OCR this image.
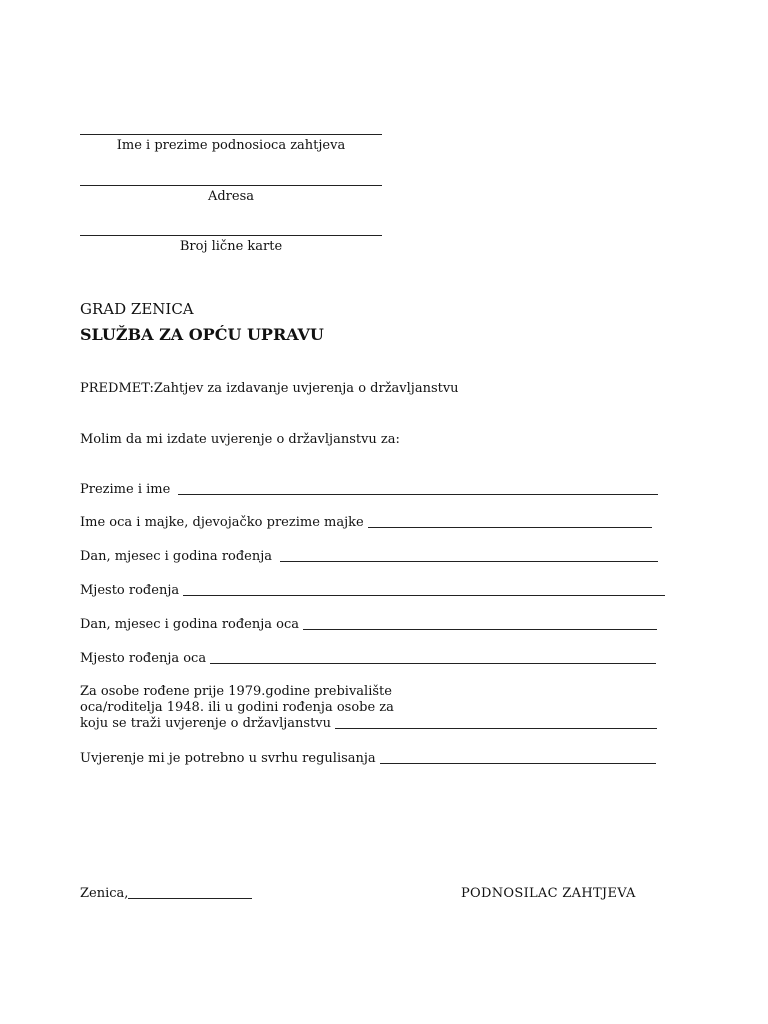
Ime i prezime podnosioca zahtjeva
Adresa
Broj lične karte
GRAD ZENICA
SLUŽBA ZA OPĆU UPRAVU
PREDMET:Zahtjev za izdavanje uvjerenja o državljanstvu
Molim da mi izdate uvjerenje o državljanstvu za:
Prezime i ime
Ime oca i majke, djevojačko prezime majke
Dan, mjesec i godina rođenja
Mjesto rođenja
Dan, mjesec i godina rođenja oca
Mjesto rođenja oca
Za osobe rođene prije 1979.godine prebivalište
oca/roditelja 1948. ili u godini rođenja osobe za
koju se traži uvjerenje o državljanstvu
Uvjerenje mi je potrebno u svrhu regulisanja
Zenica,	PODNOSILAC ZAHTJEVA
